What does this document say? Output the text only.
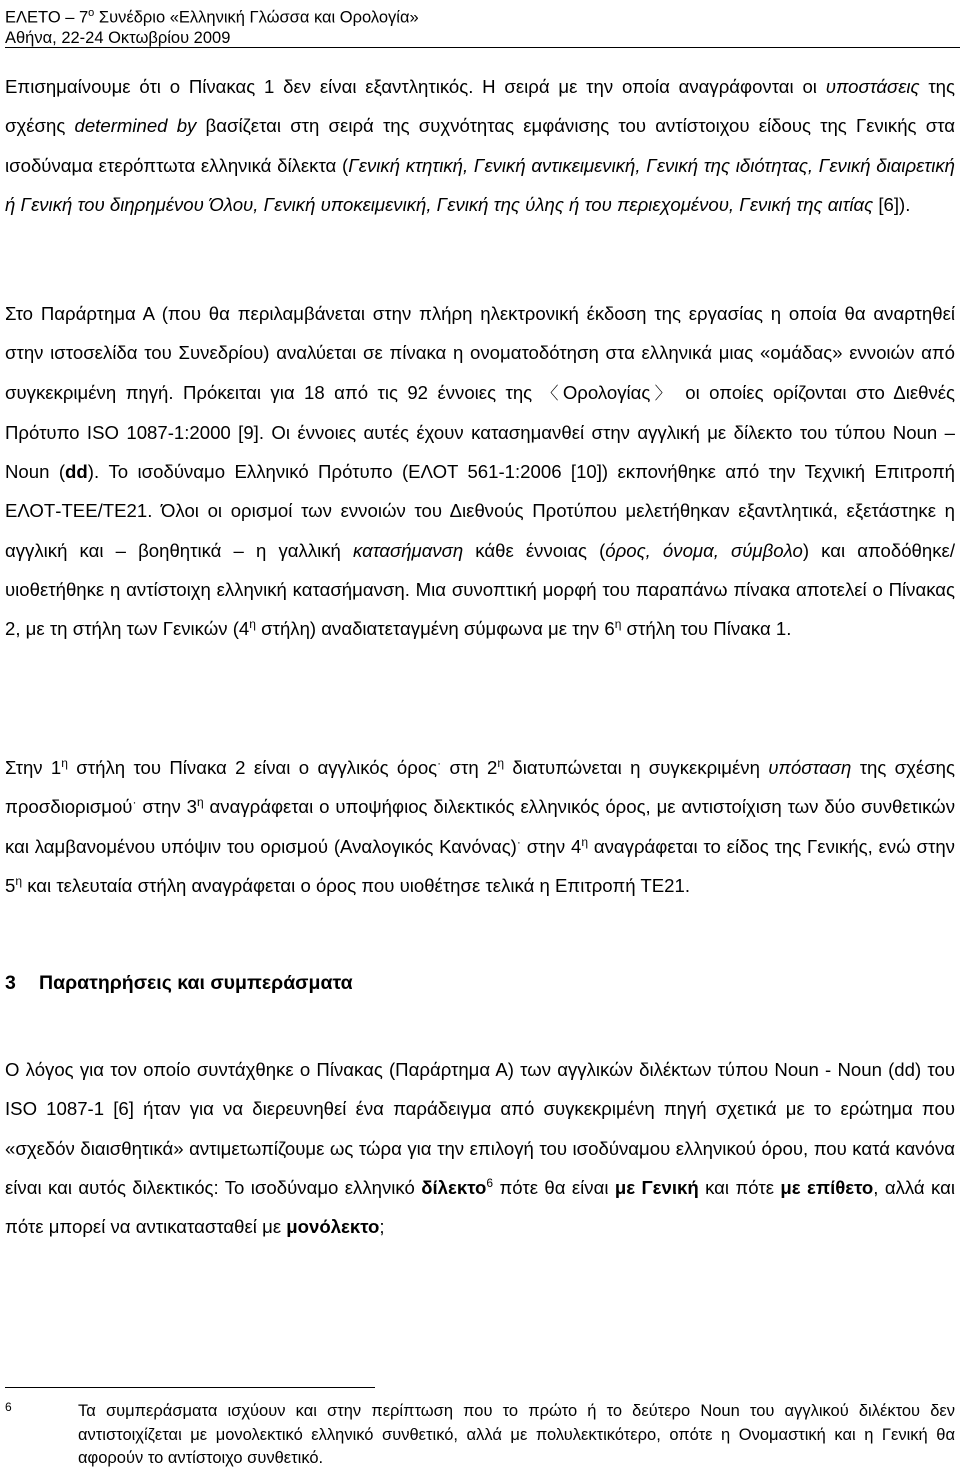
ΕΛΕΤΟ – $7^o$ Συνέδριο «Ελληνική Γλώσσα και Ορολογία»
Αθήνα, 22-24 Οκτωβρίου 2009

Επισημαίνουμε ότι ο Πίνακας 1 δεν είναι εξαντλητικός. Η σειρά με την οποία αναγράφονται οι υποστάσεις της σχέσης determined by βασίζεται στη σειρά της συχνότητας εμφάνισης του αντίστοιχου είδους της Γενικής στα ισοδύναμα ετερόπτωτα ελληνικά δίλεκτα (Γενική κτητική, Γενική αντικειμενική, Γενική της ιδιότητας, Γενική διαιρετική ή Γενική του διηρημένου Όλου, Γενική υποκειμενική, Γενική της ύλης ή του περιεχομένου, Γενική της αιτίας [6]).

Στο Παράρτημα Α (που θα περιλαμβάνεται στην πλήρη ηλεκτρονική έκδοση της εργασίας η οποία θα αναρτηθεί στην ιστοσελίδα του Συνεδρίου) αναλύεται σε πίνακα η ονοματοδότηση στα ελληνικά μιας «ομάδας» εννοιών από συγκεκριμένη πηγή. Πρόκειται για 18 από τις 92 έννοιες της 〈Ορολογίας〉 οι οποίες ορίζονται στο Διεθνές Πρότυπο ISO 1087-1:2000 [9]. Οι έννοιες αυτές έχουν κατασημανθεί στην αγγλική με δίλεκτο του τύπου Noun – Noun (dd). Το ισοδύναμο Ελληνικό Πρότυπο (ΕΛΟΤ 561-1:2006 [10]) εκπονήθηκε από την Τεχνική Επιτροπή ΕΛΟΤ-ΤΕΕ/ΤΕ21. Όλοι οι ορισμοί των εννοιών του Διεθνούς Προτύπου μελετήθηκαν εξαντλητικά, εξετάστηκε η αγγλική και – βοηθητικά – η γαλλική κατασήμανση κάθε έννοιας (όρος, όνομα, σύμβολο) και αποδόθηκε/υιοθετήθηκε η αντίστοιχη ελληνική κατασήμανση. Μια συνοπτική μορφή του παραπάνω πίνακα αποτελεί ο Πίνακας 2, με τη στήλη των Γενικών ($4^\eta$ στήλη) αναδιατεταγμένη σύμφωνα με την $6^\eta$ στήλη του Πίνακα 1.

Στην $1^\eta$ στήλη του Πίνακα 2 είναι ο αγγλικός όρος· στη $2^\eta$ διατυπώνεται η συγκεκριμένη υπόσταση της σχέσης προσδιορισμού· στην $3^\eta$ αναγράφεται ο υποψήφιος διλεκτικός ελληνικός όρος, με αντιστοίχιση των δύο συνθετικών και λαμβανομένου υπόψιν του ορισμού (Αναλογικός Κανόνας)· στην $4^\eta$ αναγράφεται το είδος της Γενικής, ενώ στην $5^\eta$ και τελευταία στήλη αναγράφεται ο όρος που υιοθέτησε τελικά η Επιτροπή ΤΕ21.

3 Παρατηρήσεις και συμπεράσματα

Ο λόγος για τον οποίο συντάχθηκε ο Πίνακας (Παράρτημα Α) των αγγλικών διλέκτων τύπου Noun - Noun (dd) του ISO 1087-1 [6] ήταν για να διερευνηθεί ένα παράδειγμα από συγκεκριμένη πηγή σχετικά με το ερώτημα που «σχεδόν διαισθητικά» αντιμετωπίζουμε ως τώρα για την επιλογή του ισοδύναμου ελληνικού όρου, που κατά κανόνα είναι και αυτός διλεκτικός: Το ισοδύναμο ελληνικό δίλεκτο$^6$ πότε θα είναι με Γενική και πότε με επίθετο, αλλά και πότε μπορεί να αντικατασταθεί με μονόλεκτο;

6	Τα συμπεράσματα ισχύουν και στην περίπτωση που το πρώτο ή το δεύτερο Noun του αγγλικού διλέκτου δεν αντιστοιχίζεται με μονολεκτικό ελληνικό συνθετικό, αλλά με πολυλεκτικότερο, οπότε η Ονομαστική και η Γενική θα αφορούν το αντίστοιχο συνθετικό.
